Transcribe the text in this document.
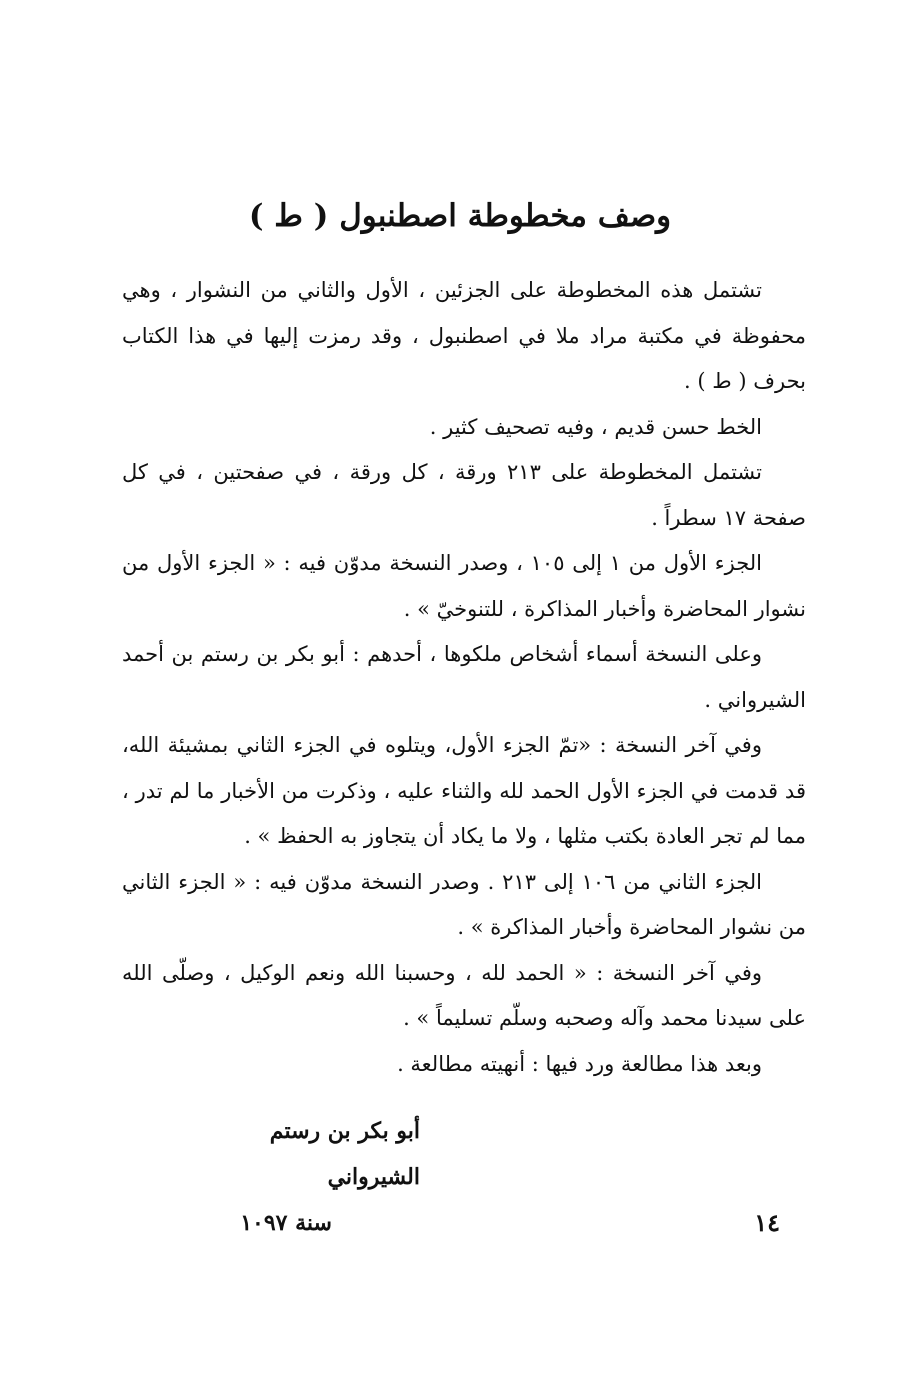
وصف مخطوطة اصطنبول ( ط )

تشتمل هذه المخطوطة على الجزئين ، الأول والثاني من النشوار ، وهي محفوظة في مكتبة مراد ملا في اصطنبول ، وقد رمزت إليها في هذا الكتاب بحرف ( ط ) .

الخط حسن قديم ، وفيه تصحيف كثير .

تشتمل المخطوطة على ٢١٣ ورقة ، كل ورقة ، في صفحتين ، في كل صفحة ١٧ سطراً .

الجزء الأول من ١ إلى ١٠٥ ، وصدر النسخة مدوّن فيه : « الجزء الأول من نشوار المحاضرة وأخبار المذاكرة ، للتنوخيّ » .

وعلى النسخة أسماء أشخاص ملكوها ، أحدهم : أبو بكر بن رستم بن أحمد الشيرواني .

وفي آخر النسخة : «تمّ الجزء الأول، ويتلوه في الجزء الثاني بمشيئة الله، قد قدمت في الجزء الأول الحمد لله والثناء عليه ، وذكرت من الأخبار ما لم تدر ، مما لم تجر العادة بكتب مثلها ، ولا ما يكاد أن يتجاوز به الحفظ » .

الجزء الثاني من ١٠٦ إلى ٢١٣ . وصدر النسخة مدوّن فيه : « الجزء الثاني من نشوار المحاضرة وأخبار المذاكرة » .

وفي آخر النسخة : « الحمد لله ، وحسبنا الله ونعم الوكيل ، وصلّى الله على سيدنا محمد وآله وصحبه وسلّم تسليماً » .

وبعد هذا مطالعة ورد فيها : أنهيته مطالعة .

أبو بكر بن رستم الشيرواني
سنة ١٠٩٧	١٤
